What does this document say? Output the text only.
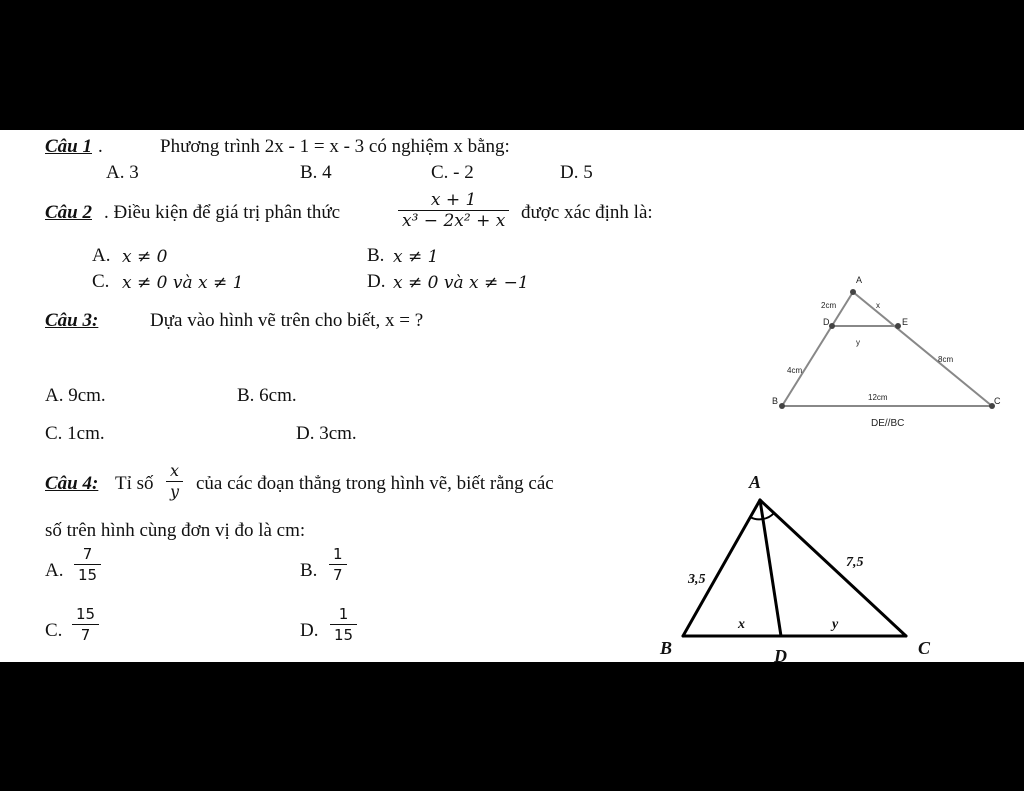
Câu 1 .	Phương trình 2x - 1 = x - 3 có nghiệm x bằng:
A. 3	B. 4	C. - 2	D. 5
Câu 2 . Điều kiện để giá trị phân thức
x + 1
x³ − 2x² + x được xác định là:
A. x ≠ 0	B. x ≠ 1
C. x ≠ 0 và x ≠ 1	D. x ≠ 0 và x ≠ −1
Câu 3:	Dựa vào hình vẽ trên cho biết, x = ?
A. 9cm.	B. 6cm.
C. 1cm.	D. 3cm.
A
D	E
B	C
2cm	x
y
4cm
8cm
12cm
DE//BC
Câu 4: Tỉ số
x
y của các đoạn thẳng trong hình vẽ, biết rằng các
số trên hình cùng đơn vị đo là cm:
A.
7
15	B.
1
7
C.
15
7	D.
1
15
A
B	C
D
3,5
7,5
x	y
